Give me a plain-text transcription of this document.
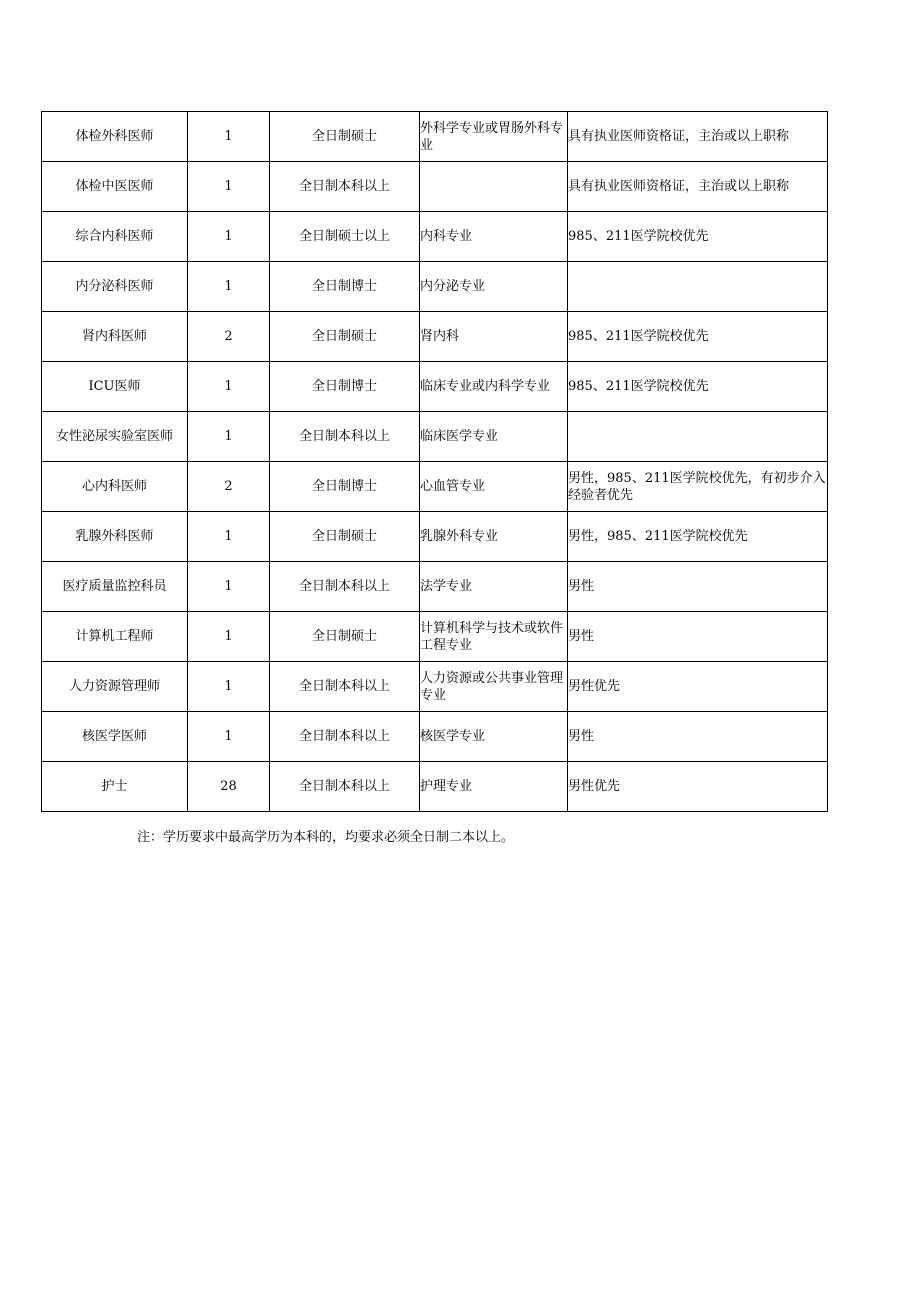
体检外科医师	1	全日制硕士	外科学专业或胃肠外科专业	具有执业医师资格证，主治或以上职称
体检中医医师	1	全日制本科以上		具有执业医师资格证，主治或以上职称
综合内科医师	1	全日制硕士以上	内科专业	985、211医学院校优先
内分泌科医师	1	全日制博士	内分泌专业	
肾内科医师	2	全日制硕士	肾内科	985、211医学院校优先
ICU医师	1	全日制博士	临床专业或内科学专业	985、211医学院校优先
女性泌尿实验室医师	1	全日制本科以上	临床医学专业	
心内科医师	2	全日制博士	心血管专业	男性，985、211医学院校优先，有初步介入经验者优先
乳腺外科医师	1	全日制硕士	乳腺外科专业	男性，985、211医学院校优先
医疗质量监控科员	1	全日制本科以上	法学专业	男性
计算机工程师	1	全日制硕士	计算机科学与技术或软件工程专业	男性
人力资源管理师	1	全日制本科以上	人力资源或公共事业管理专业	男性优先
核医学医师	1	全日制本科以上	核医学专业	男性
护士	28	全日制本科以上	护理专业	男性优先
注：学历要求中最高学历为本科的，均要求必须全日制二本以上。
